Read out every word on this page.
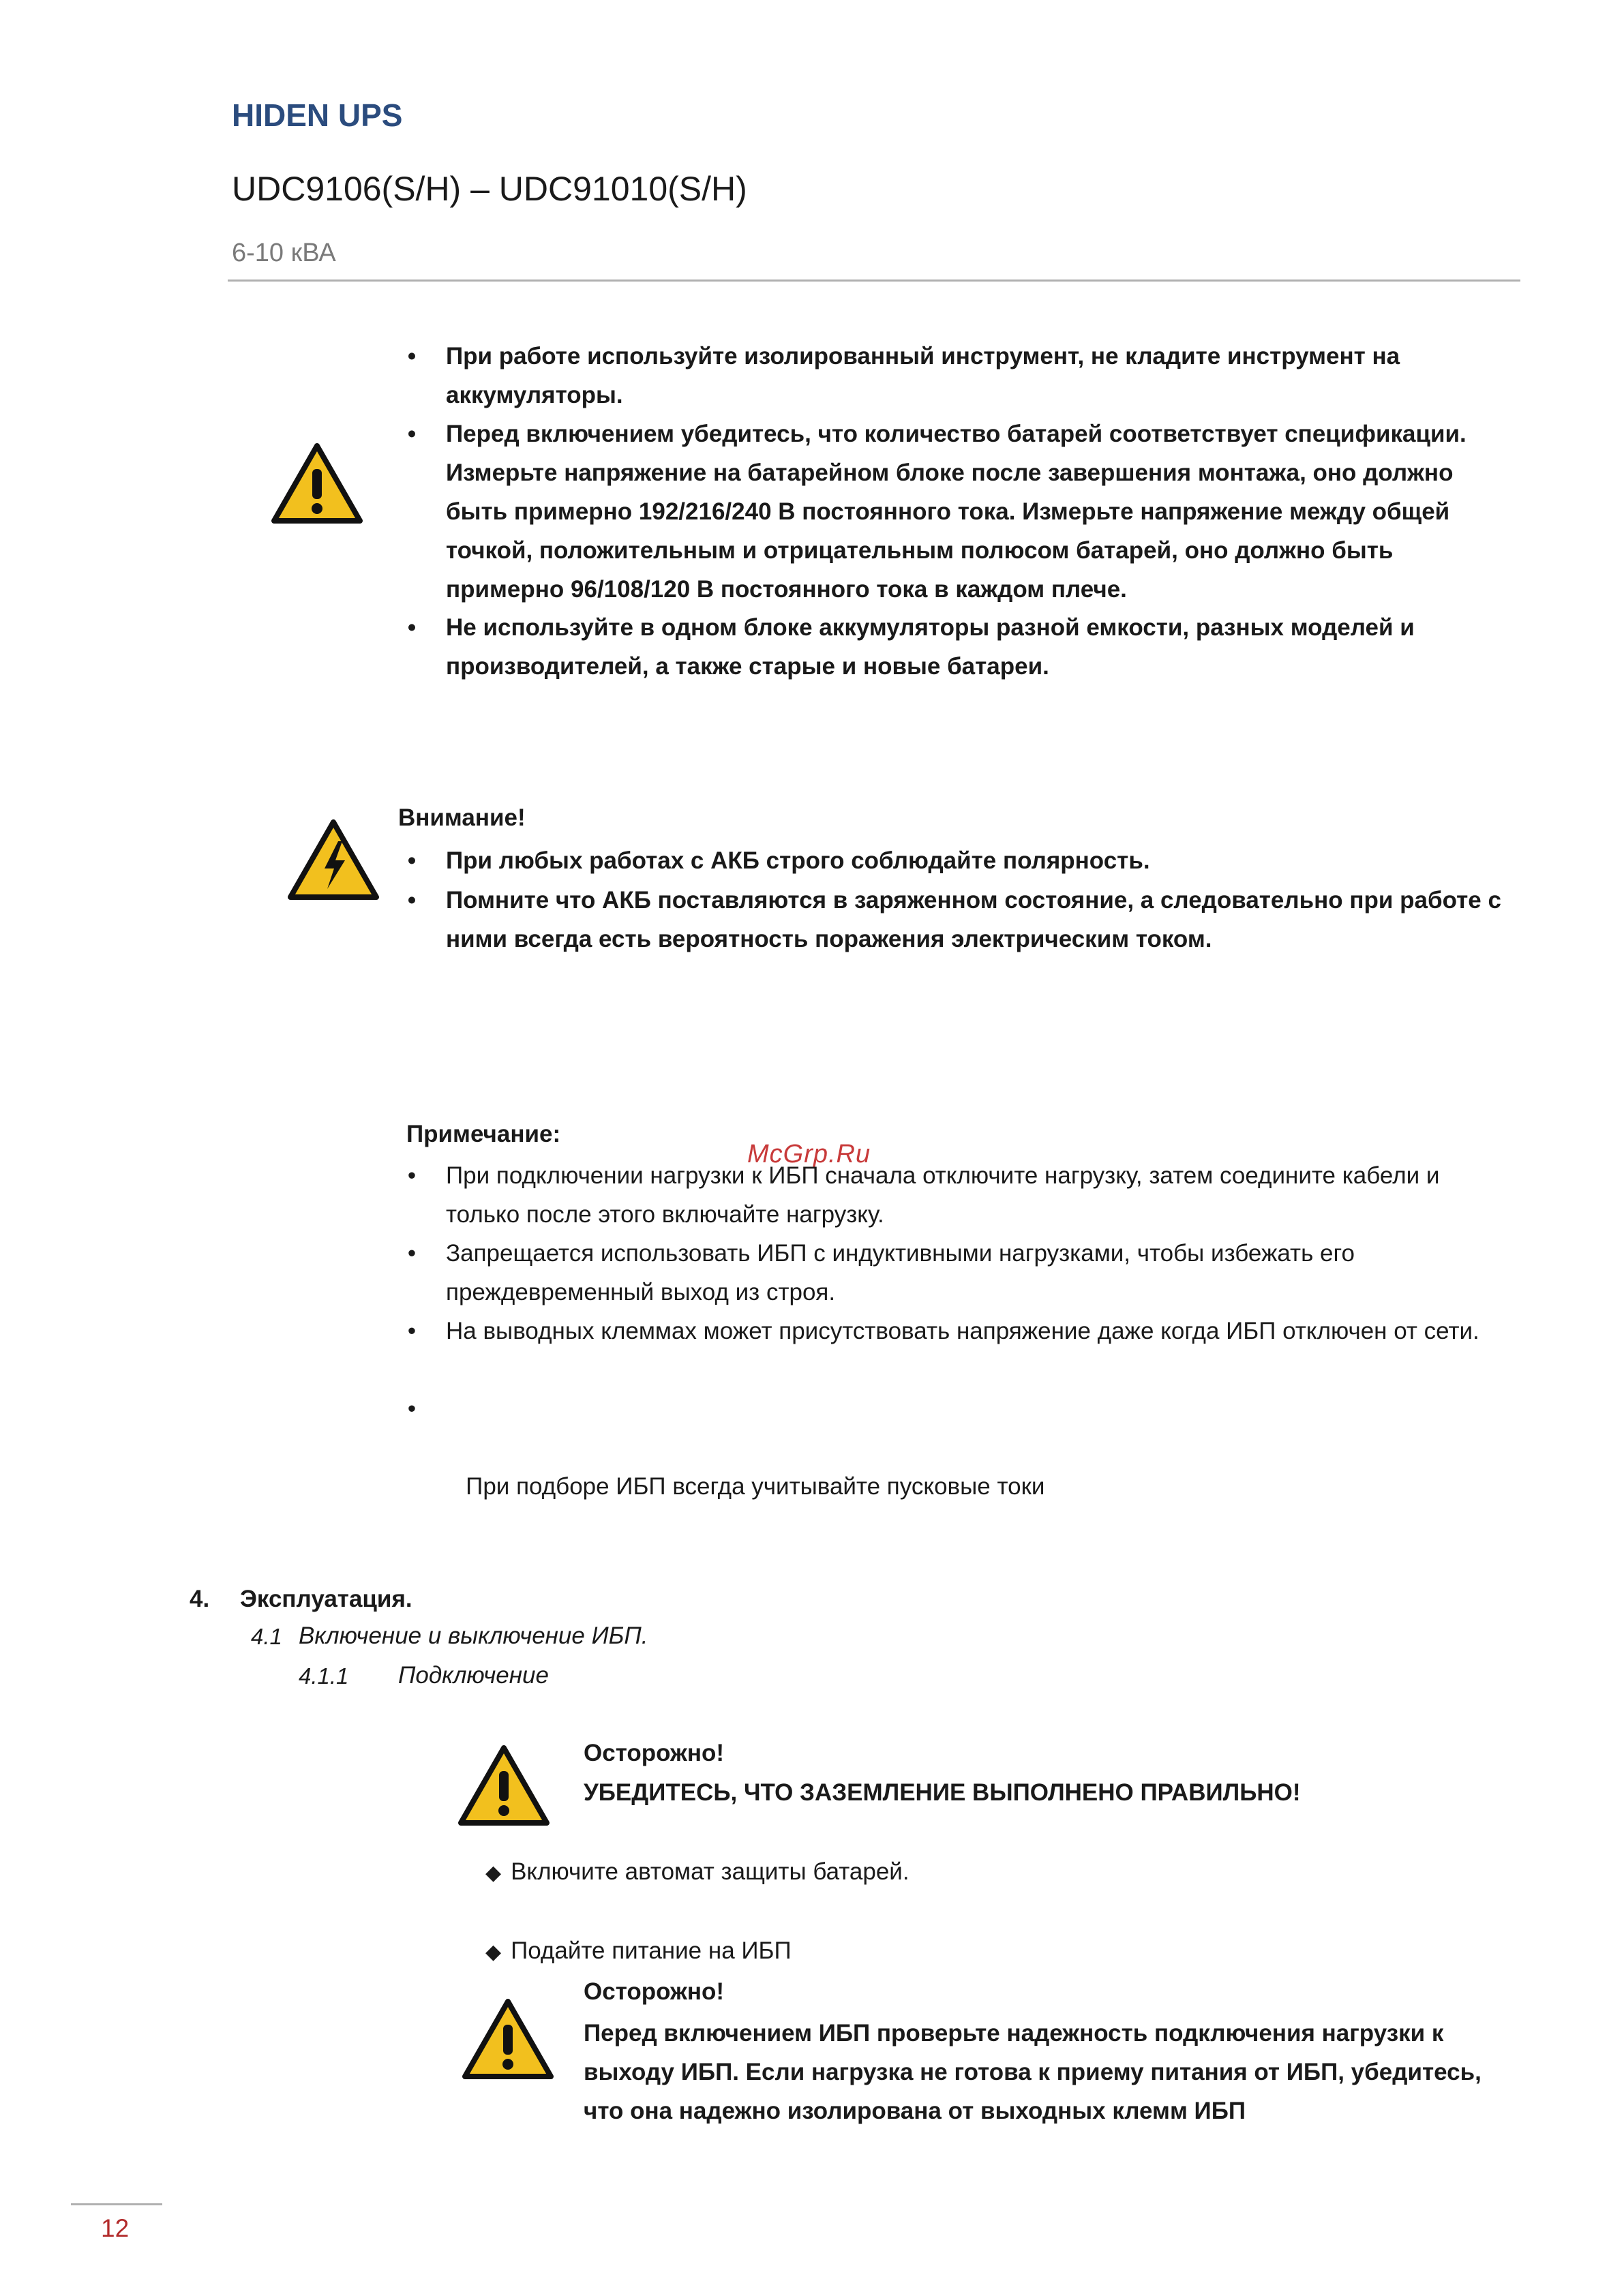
HIDEN UPS
UDC9106(S/H) – UDC91010(S/H)
6-10 кВА
•	При работе используйте изолированный инструмент, не кладите инструмент на аккумуляторы.
•	Перед включением убедитесь, что количество батарей соответствует спецификации. Измерьте напряжение на батарейном блоке после завершения монтажа, оно должно быть примерно 192/216/240 В постоянного тока. Измерьте напряжение между общей точкой, положительным и отрицательным полюсом батарей, оно должно быть примерно 96/108/120 В постоянного тока в каждом плече.
•	Не используйте в одном блоке аккумуляторы разной емкости, разных моделей и производителей, а также старые и новые батареи.
Внимание!
•	При любых работах с АКБ строго соблюдайте полярность.
•	Помните что АКБ поставляются в заряженном состояние, а следовательно при работе с ними всегда есть вероятность поражения электрическим током.
Примечание:
McGrp.Ru
•	При подключении нагрузки к ИБП сначала отключите нагрузку, затем соедините кабели и только после этого включайте нагрузку.
•	Запрещается использовать ИБП с индуктивными нагрузками, чтобы избежать его преждевременный выход из строя.
•	На выводных клеммах может присутствовать напряжение даже когда ИБП отключен от сети.

•

При подборе ИБП всегда учитывайте пусковые токи

4. Эксплуатация.
4.1 Включение и выключение ИБП.
4.1.1 Подключение
Осторожно!
УБЕДИТЕСЬ, ЧТО ЗАЗЕМЛЕНИЕ ВЫПОЛНЕНО ПРАВИЛЬНО!
◆ Включите автомат защиты батарей.
◆ Подайте питание на ИБП
Осторожно!
Перед включением ИБП проверьте надежность подключения нагрузки к выходу ИБП. Если нагрузка не готова к приему питания от ИБП, убедитесь, что она надежно изолирована от выходных клемм ИБП
12
